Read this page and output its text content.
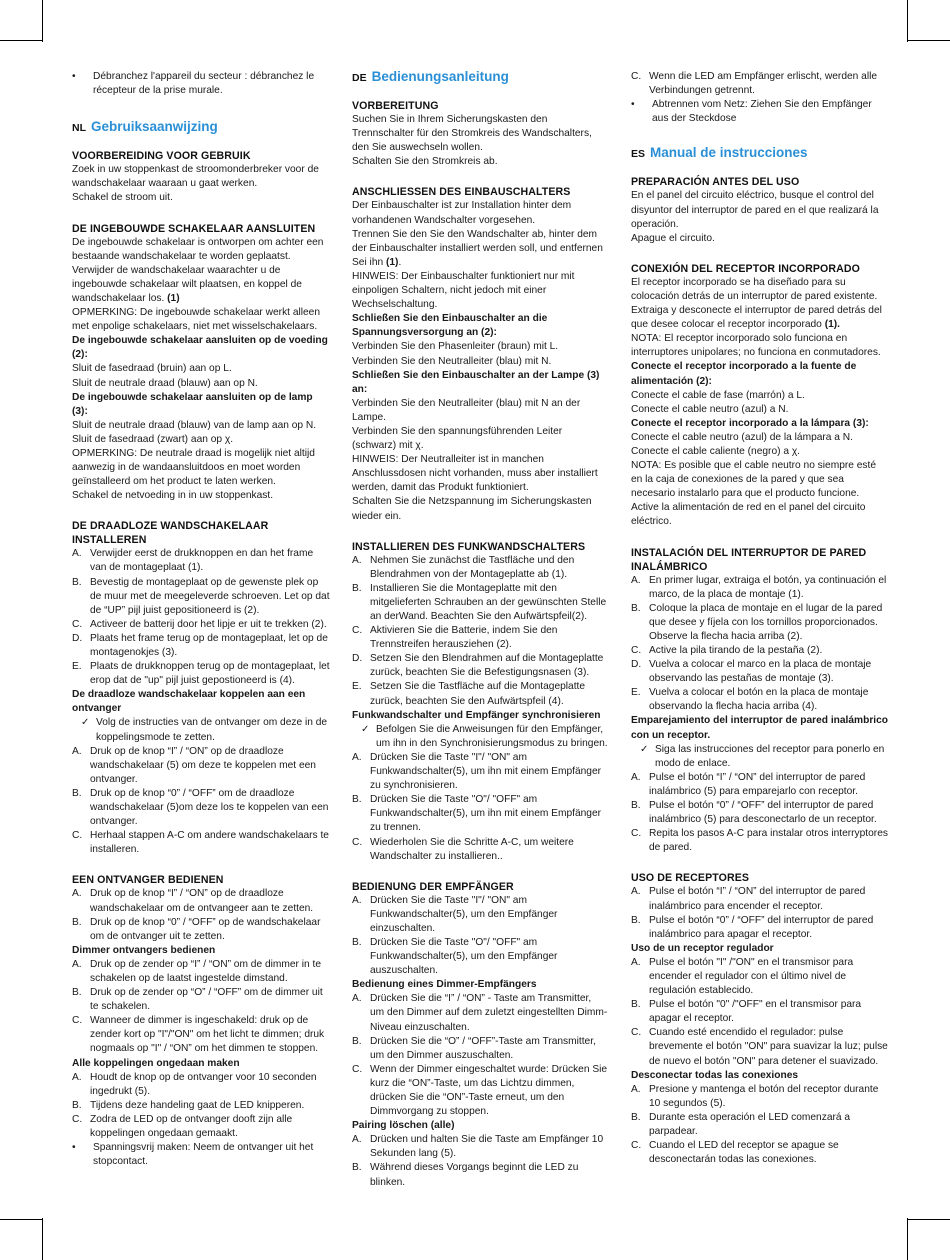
• Débranchez l'appareil du secteur : débranchez le récepteur de la prise murale.
NL Gebruiksaanwijzing
VOORBEREIDING VOOR GEBRUIK

Zoek in uw stoppenkast de stroomonderbreker voor de wandschakelaar waaraan u gaat werken.

Schakel de stroom uit.

DE INGEBOUWDE SCHAKELAAR AANSLUITEN

De ingebouwde schakelaar is ontworpen om achter een bestaande wandschakelaar te worden geplaatst.

Verwijder de wandschakelaar waarachter u de ingebouwde schakelaar wilt plaatsen, en koppel de wandschakelaar los. (1)

OPMERKING: De ingebouwde schakelaar werkt alleen met enpolige schakelaars, niet met wisselschakelaars.

De ingebouwde schakelaar aansluiten op de voeding (2):

Sluit de fasedraad (bruin) aan op L.

Sluit de neutrale draad (blauw) aan op N.

De ingebouwde schakelaar aansluiten op de lamp (3):

Sluit de neutrale draad (blauw) van de lamp aan op N.

Sluit de fasedraad (zwart) aan op χ.

OPMERKING: De neutrale draad is mogelijk niet altijd aanwezig in de wandaansluitdoos en moet worden geïnstalleerd om het product te laten werken.

Schakel de netvoeding in in uw stoppenkast.

DE DRAADLOZE WANDSCHAKELAAR INSTALLEREN
A. Verwijder eerst de drukknoppen en dan het frame van de montageplaat (1).
B. Bevestig de montageplaat op de gewenste plek op de muur met de meegeleverde schroeven. Let op dat de “UP” pijl juist gepositioneerd is (2).
C. Activeer de batterij door het lipje er uit te trekken (2).
D. Plaats het frame terug op de montageplaat, let op de montagenokjes (3).
E. Plaats de drukknoppen terug op de montageplaat, let erop dat de "up" pijl juist gepostioneerd is (4).

De draadloze wandschakelaar koppelen aan een ontvanger

✓ Volg de instructies van de ontvanger om deze in de koppelingsmode te zetten.
A. Druk op de knop “I” / “ON” op de draadloze wandschakelaar (5) om deze te koppelen met een ontvanger.
B. Druk op de knop “0” / “OFF” om de draadloze wandschakelaar (5)om deze los te koppelen van een ontvanger.
C. Herhaal stappen A-C om andere wandschakelaars te installeren.
EEN ONTVANGER BEDIENEN
A. Druk op de knop “I” / “ON” op de draadloze wandschakelaar om de ontvangeer aan te zetten.
B. Druk op de knop “0” / “OFF” op de wandschakelaar om de ontvanger uit te zetten.

Dimmer ontvangers bedienen

A. Druk op de zender op “I” / “ON” om de dimmer in te schakelen op de laatst ingestelde dimstand.
B. Druk op de zender op “O” / “OFF” om de dimmer uit te schakelen.
C. Wanneer de dimmer is ingeschakeld: druk op de zender kort op "I"/"ON" om het licht te dimmen; druk nogmaals op "I" / “ON” om het dimmen te stoppen.

Alle koppelingen ongedaan maken

A. Houdt de knop op de ontvanger voor 10 seconden ingedrukt (5).
B. Tijdens deze handeling gaat de LED knipperen.
C. Zodra de LED op de ontvanger dooft zijn alle koppelingen ongedaan gemaakt.
• Spanningsvrij maken: Neem de ontvanger uit het stopcontact.
DE Bedienungsanleitung
VORBEREITUNG

Suchen Sie in Ihrem Sicherungskasten den Trennschalter für den Stromkreis des Wandschalters, den Sie auswechseln wollen.

Schalten Sie den Stromkreis ab.

ANSCHLIESSEN DES EINBAUSCHALTERS

Der Einbauschalter ist zur Installation hinter dem vorhandenen Wandschalter vorgesehen.

Trennen Sie den Sie den Wandschalter ab, hinter dem der Einbauschalter installiert werden soll, und entfernen Sei ihn (1).

HINWEIS: Der Einbauschalter funktioniert nur mit einpoligen Schaltern, nicht jedoch mit einer Wechselschaltung.

Schließen Sie den Einbauschalter an die Spannungsversorgung an (2):

Verbinden Sie den Phasenleiter (braun) mit L.

Verbinden Sie den Neutralleiter (blau) mit N.

Schließen Sie den Einbauschalter an der Lampe (3) an:

Verbinden Sie den Neutralleiter (blau) mit N an der Lampe.

Verbinden Sie den spannungsführenden Leiter (schwarz) mit χ.

HINWEIS: Der Neutralleiter ist in manchen Anschlussdosen nicht vorhanden, muss aber installiert werden, damit das Produkt funktioniert.

Schalten Sie die Netzspannung im Sicherungskasten wieder ein.

INSTALLIEREN DES FUNKWANDSCHALTERS
A. Nehmen Sie zunächst die Tastfläche und den Blendrahmen von der Montageplatte ab (1).
B. Installieren Sie die Montageplatte mit den mitgelieferten Schrauben an der gewünschten Stelle an derWand. Beachten Sie den Aufwärtspfeil(2).
C. Aktivieren Sie die Batterie, indem Sie den Trennstreifen herausziehen (2).
D. Setzen Sie den Blendrahmen auf die Montageplatte zurück, beachten Sie die Befestigungsnasen (3).
E. Setzen Sie die Tastfläche auf die Montageplatte zurück, beachten Sie den Aufwärtspfeil (4).

Funkwandschalter und Empfänger synchronisieren

✓ Befolgen Sie die Anweisungen für den Empfänger, um ihn in den Synchronisierungsmodus zu bringen.
A. Drücken Sie die Taste "I"/ "ON" am Funkwandschalter(5), um ihn mit einem Empfänger zu synchronisieren.
B. Drücken Sie die Taste "O"/ "OFF" am Funkwandschalter(5), um ihn mit einem Empfänger zu trennen.
C. Wiederholen Sie die Schritte A-C, um weitere Wandschalter zu installieren..
BEDIENUNG DER EMPFÄNGER
A. Drücken Sie die Taste "I"/ "ON" am Funkwandschalter(5), um den Empfänger einzuschalten.
B. Drücken Sie die Taste "O"/ "OFF" am Funkwandschalter(5), um den Empfänger auszuschalten.

Bedienung eines Dimmer-Empfängers

A. Drücken Sie die “I” / “ON” - Taste am Transmitter, um den Dimmer auf dem zuletzt eingestellten Dimm-Niveau einzuschalten.
B. Drücken Sie die “O” / “OFF”-Taste am Transmitter, um den Dimmer auszuschalten.
C. Wenn der Dimmer eingeschaltet wurde: Drücken Sie kurz die “ON”-Taste, um das Lichtzu dimmen, drücken Sie die “ON”-Taste erneut, um den Dimmvorgang zu stoppen.

Pairing löschen (alle)

A. Drücken und halten Sie die Taste am Empfänger 10 Sekunden lang (5).
B. Während dieses Vorgangs beginnt die LED zu blinken.
C. Wenn die LED am Empfänger erlischt, werden alle Verbindungen getrennt.
• Abtrennen vom Netz: Ziehen Sie den Empfänger aus der Steckdose
ES Manual de instrucciones
PREPARACIÓN ANTES DEL USO

En el panel del circuito eléctrico, busque el control del disyuntor del interruptor de pared en el que realizará la operación.

Apague el circuito.

CONEXIÓN DEL RECEPTOR INCORPORADO

El receptor incorporado se ha diseñado para su colocación detrás de un interruptor de pared existente.

Extraiga y desconecte el interruptor de pared detrás del que desee colocar el receptor incorporado (1).

NOTA: El receptor incorporado solo funciona en interruptores unipolares; no funciona en conmutadores.

Conecte el receptor incorporado a la fuente de alimentación (2):

Conecte el cable de fase (marrón) a L.

Conecte el cable neutro (azul) a N.

Conecte el receptor incorporado a la lámpara (3):

Conecte el cable neutro (azul) de la lámpara a N.

Conecte el cable caliente (negro) a χ.

NOTA: Es posible que el cable neutro no siempre esté en la caja de conexiones de la pared y que sea necesario instalarlo para que el producto funcione.

Active la alimentación de red en el panel del circuito eléctrico.

INSTALACIÓN DEL INTERRUPTOR DE PARED INALÁMBRICO
A. En primer lugar, extraiga el botón, ya continuación el marco, de la placa de montaje (1).
B. Coloque la placa de montaje en el lugar de la pared que desee y fíjela con los tornillos proporcionados. Observe la flecha hacia arriba (2).
C. Active la pila tirando de la pestaña (2).
D. Vuelva a colocar el marco en la placa de montaje observando las pestañas de montaje (3).
E. Vuelva a colocar el botón en la placa de montaje observando la flecha hacia arriba (4).

Emparejamiento del interruptor de pared inalámbrico con un receptor.

✓ Siga las instrucciones del receptor para ponerlo en modo de enlace.
A. Pulse el botón “I” / “ON” del interruptor de pared inalámbrico (5) para emparejarlo con receptor.
B. Pulse el botón “0” / “OFF” del interruptor de pared inalámbrico (5) para desconectarlo de un receptor.
C. Repita los pasos A-C para instalar otros interryptores de pared.
USO DE RECEPTORES
A. Pulse el botón “I” / “ON” del interruptor de pared inalámbrico para encender el receptor.
B. Pulse el botón “0” / “OFF” del interruptor de pared inalámbrico para apagar el receptor.

Uso de un receptor regulador

A. Pulse el botón "I" /"ON" en el transmisor para encender el regulador con el último nivel de regulación establecido.
B. Pulse el botón "0" /"OFF" en el transmisor para apagar el receptor.
C. Cuando esté encendido el regulador: pulse brevemente el botón "ON" para suavizar la luz; pulse de nuevo el botón "ON" para detener el suavizado.

Desconectar todas las conexiones

A. Presione y mantenga el botón del receptor durante 10 segundos (5).
B. Durante esta operación el LED comenzará a parpadear.
C. Cuando el LED del receptor se apague se desconectarán todas las conexiones.
